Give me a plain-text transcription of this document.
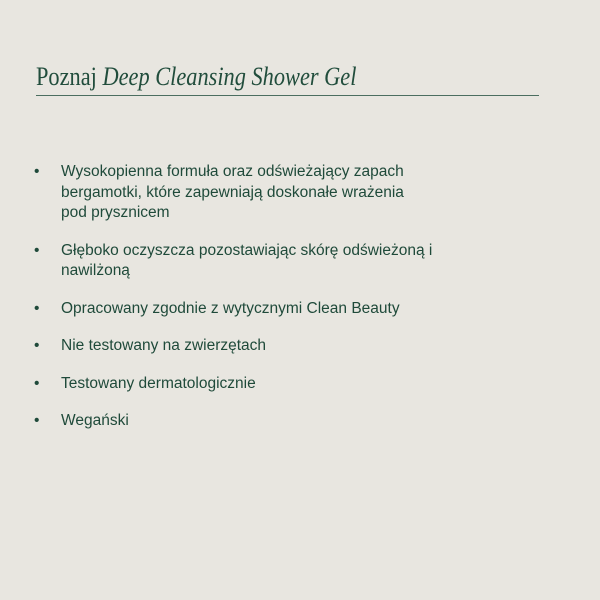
Poznaj Deep Cleansing Shower Gel
• Wysokopienna formuła oraz odświeżający zapach bergamotki, które zapewniają doskonałe wrażenia pod prysznicem
• Głęboko oczyszcza pozostawiając skórę odświeżoną i nawilżoną
• Opracowany zgodnie z wytycznymi Clean Beauty
• Nie testowany na zwierzętach
• Testowany dermatologicznie
• Wegański
